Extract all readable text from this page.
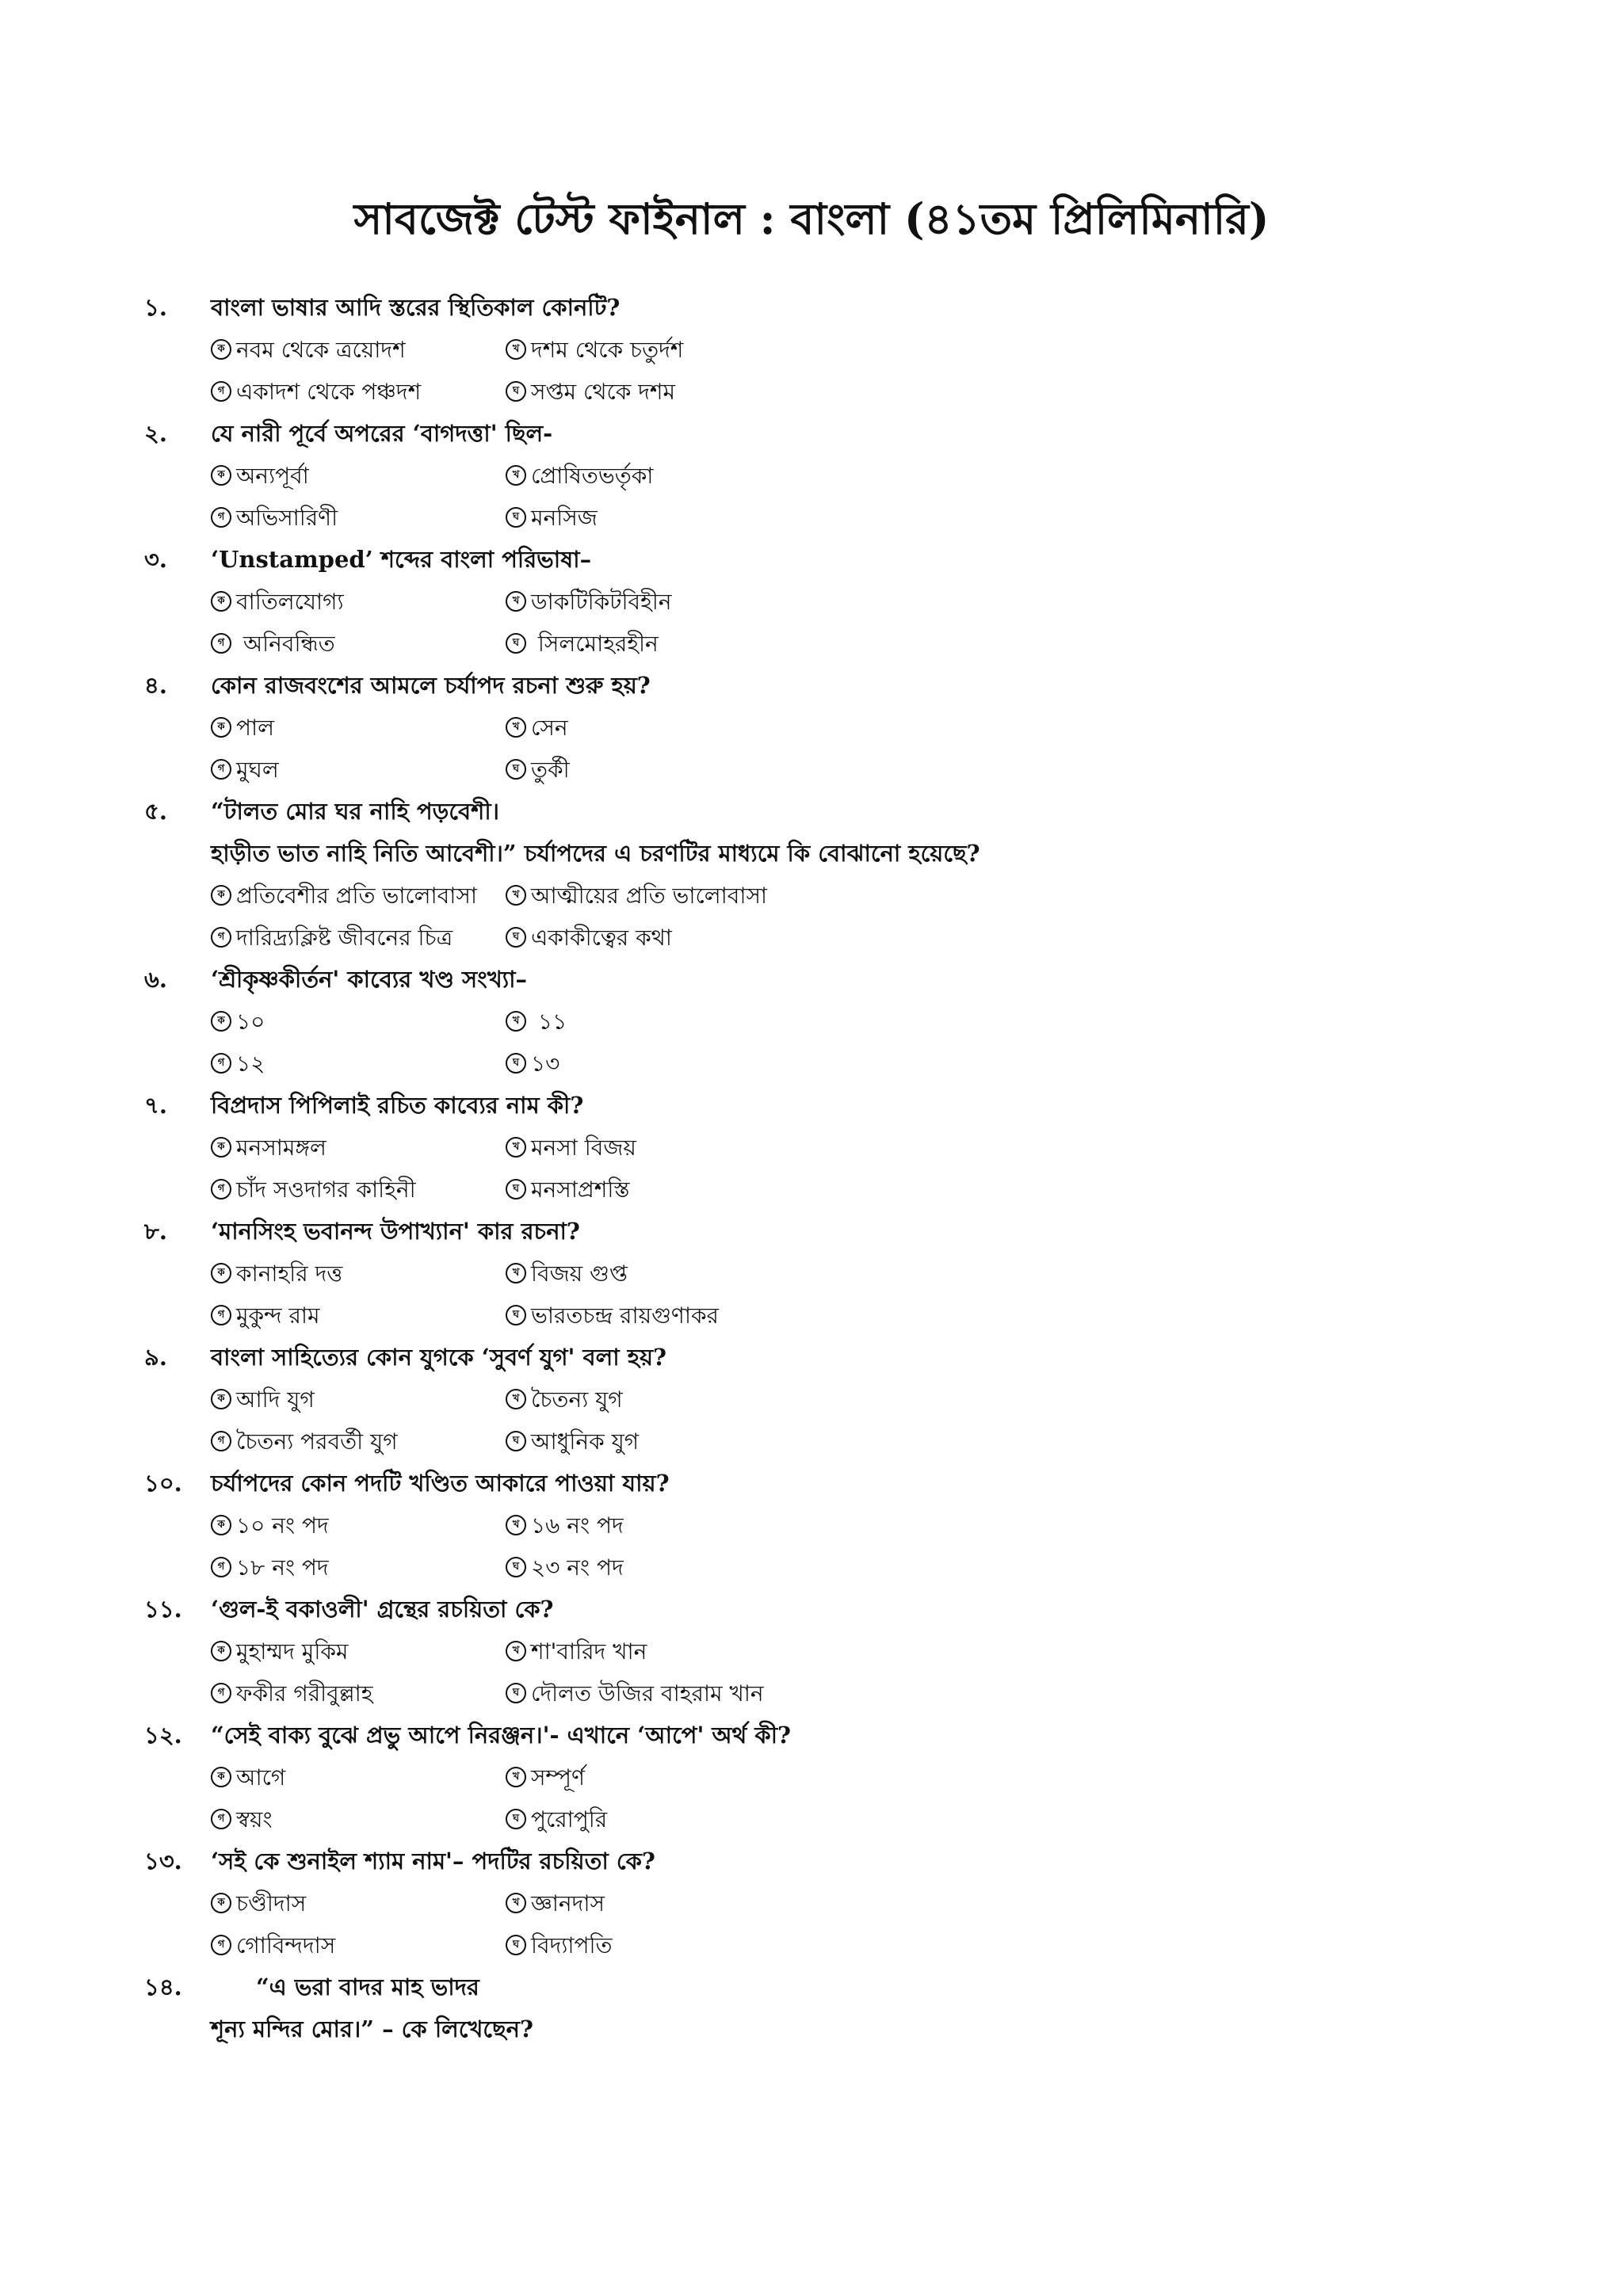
সাবজেক্ট টেস্ট ফাইনাল : বাংলা (৪১তম প্রিলিমিনারি)
১. বাংলা ভাষার আদি স্তরের স্থিতিকাল কোনটি?
ক নবম থেকে ত্রয়োদশ	খ দশম থেকে চতুর্দশ
গ একাদশ থেকে পঞ্চদশ	ঘ সপ্তম থেকে দশম
২. যে নারী পূর্বে অপরের ‘বাগদত্তা' ছিল-
ক অন্যপূর্বা	খ প্রোষিতভর্তৃকা
গ অভিসারিণী	ঘ মনসিজ
৩. ‘Unstamped’ শব্দের বাংলা পরিভাষা–
ক বাতিলযোগ্য	খ ডাকটিকিটবিহীন
গ অনিবন্ধিত	ঘ সিলমোহরহীন
৪. কোন রাজবংশের আমলে চর্যাপদ রচনা শুরু হয়?
ক পাল	খ সেন
গ মুঘল	ঘ তুর্কী
৫. “টালত মোর ঘর নাহি পড়বেশী।
হাড়ীত ভাত নাহি নিতি আবেশী।” চর্যাপদের এ চরণটির মাধ্যমে কি বোঝানো হয়েছে?
ক প্রতিবেশীর প্রতি ভালোবাসা	খ আত্মীয়ের প্রতি ভালোবাসা
গ দারিদ্র্যক্লিষ্ট জীবনের চিত্র	ঘ একাকীত্বের কথা
৬. ‘শ্রীকৃষ্ণকীর্তন' কাব্যের খণ্ড সংখ্যা–
ক ১০	খ ১১
গ ১২	ঘ ১৩
৭. বিপ্রদাস পিপিলাই রচিত কাব্যের নাম কী?
ক মনসামঙ্গল	খ মনসা বিজয়
গ চাঁদ সওদাগর কাহিনী	ঘ মনসাপ্রশস্তি
৮. ‘মানসিংহ ভবানন্দ উপাখ্যান' কার রচনা?
ক কানাহরি দত্ত	খ বিজয় গুপ্ত
গ মুকুন্দ রাম	ঘ ভারতচন্দ্র রায়গুণাকর
৯. বাংলা সাহিত্যের কোন যুগকে ‘সুবর্ণ যুগ' বলা হয়?
ক আদি যুগ	খ চৈতন্য যুগ
গ চৈতন্য পরবর্তী যুগ	ঘ আধুনিক যুগ
১০. চর্যাপদের কোন পদটি খণ্ডিত আকারে পাওয়া যায়?
ক ১০ নং পদ	খ ১৬ নং পদ
গ ১৮ নং পদ	ঘ ২৩ নং পদ
১১. ‘গুল-ই বকাওলী' গ্রন্থের রচয়িতা কে?
ক মুহাম্মদ মুকিম	খ শা'বারিদ খান
গ ফকীর গরীবুল্লাহ	ঘ দৌলত উজির বাহরাম খান
১২. “সেই বাক্য বুঝে প্রভু আপে নিরঞ্জন।'- এখানে ‘আপে' অর্থ কী?
ক আগে	খ সম্পূর্ণ
গ স্বয়ং	ঘ পুরোপুরি
১৩. ‘সই কে শুনাইল শ্যাম নাম'– পদটির রচয়িতা কে?
ক চণ্ডীদাস	খ জ্ঞানদাস
গ গোবিন্দদাস	ঘ বিদ্যাপতি
১৪.	“এ ভরা বাদর মাহ ভাদর
শূন্য মন্দির মোর।” – কে লিখেছেন?
